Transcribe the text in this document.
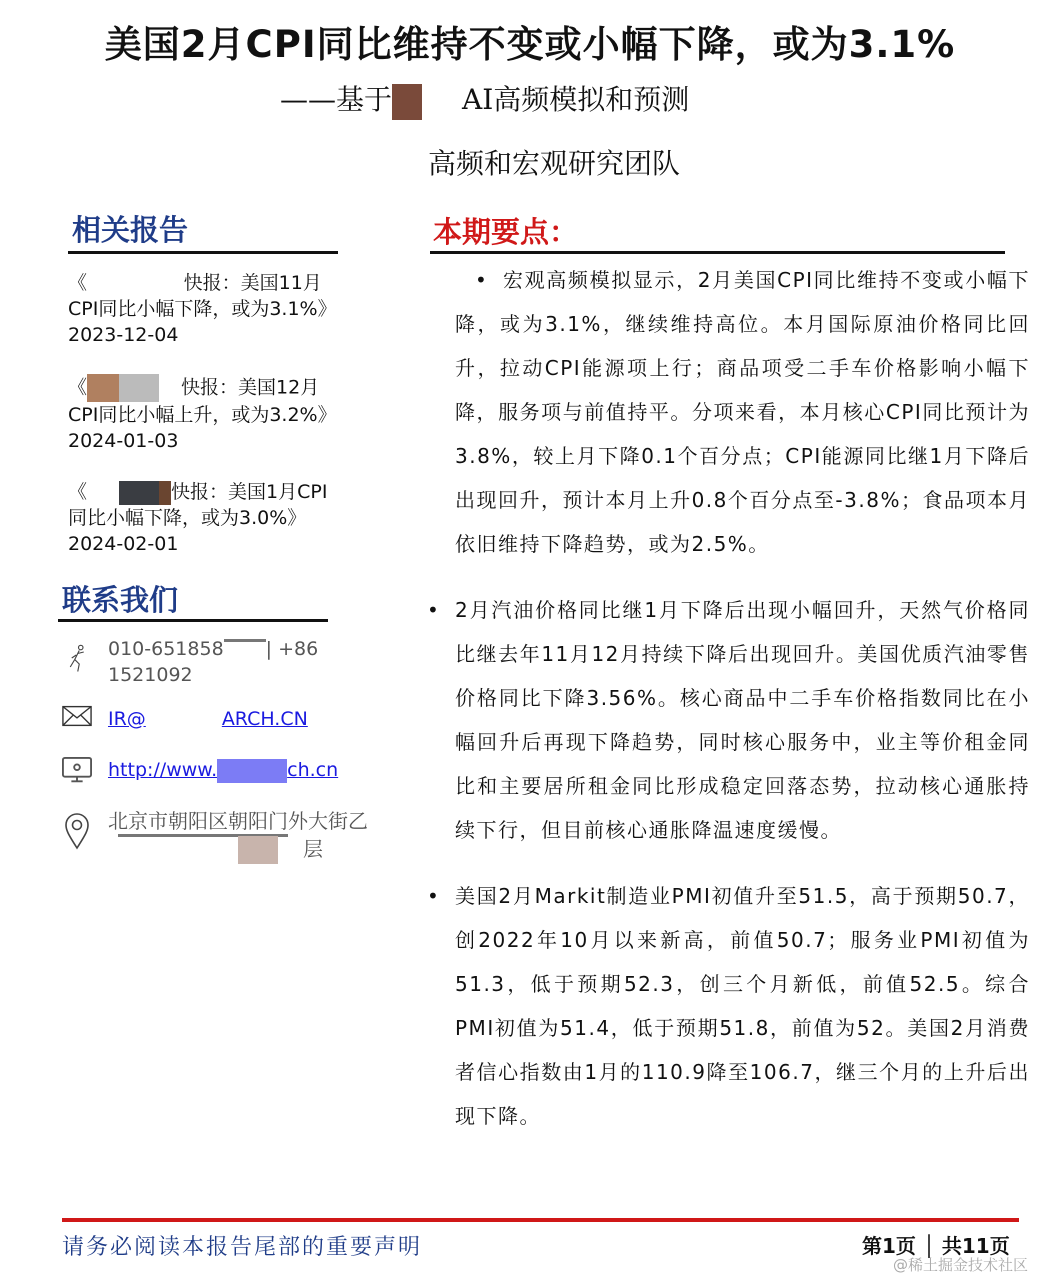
美国2月CPI同比维持不变或小幅下降，或为3.1%
——基于	AI高频模拟和预测
高频和宏观研究团队
相关报告
《                快报：美国11月
CPI同比小幅下降，或为3.1%》
2023-12-04
《	快报：美国12月
CPI同比小幅上升，或为3.2%》
2024-01-03
《	快报：美国1月CPI
同比小幅下降，或为3.0%》
2024-02-01
联系我们
010-651858 | +86
1521092
IR@	ARCH.CN
http://www.	ch.cn
北京市朝阳区朝阳门外大街乙
层
本期要点：
• 宏观高频模拟显示，2月美国CPI同比维持不变或小幅下降，或为3.1%，继续维持高位。本月国际原油价格同比回升，拉动CPI能源项上行；商品项受二手车价格影响小幅下降，服务项与前值持平。分项来看，本月核心CPI同比预计为3.8%，较上月下降0.1个百分点；CPI能源同比继1月下降后出现回升，预计本月上升0.8个百分点至-3.8%；食品项本月依旧维持下降趋势，或为2.5%。
• 2月汽油价格同比继1月下降后出现小幅回升，天然气价格同比继去年11月12月持续下降后出现回升。美国优质汽油零售价格同比下降3.56%。核心商品中二手车价格指数同比在小幅回升后再现下降趋势，同时核心服务中，业主等价租金同比和主要居所租金同比形成稳定回落态势，拉动核心通胀持续下行，但目前核心通胀降温速度缓慢。
• 美国2月Markit制造业PMI初值升至51.5，高于预期50.7，创2022年10月以来新高，前值50.7；服务业PMI初值为51.3，低于预期52.3，创三个月新低，前值52.5。综合PMI初值为51.4，低于预期51.8，前值为52。美国2月消费者信心指数由1月的110.9降至106.7，继三个月的上升后出现下降。
请务必阅读本报告尾部的重要声明	第1页 │ 共11页
@稀土掘金技术社区
